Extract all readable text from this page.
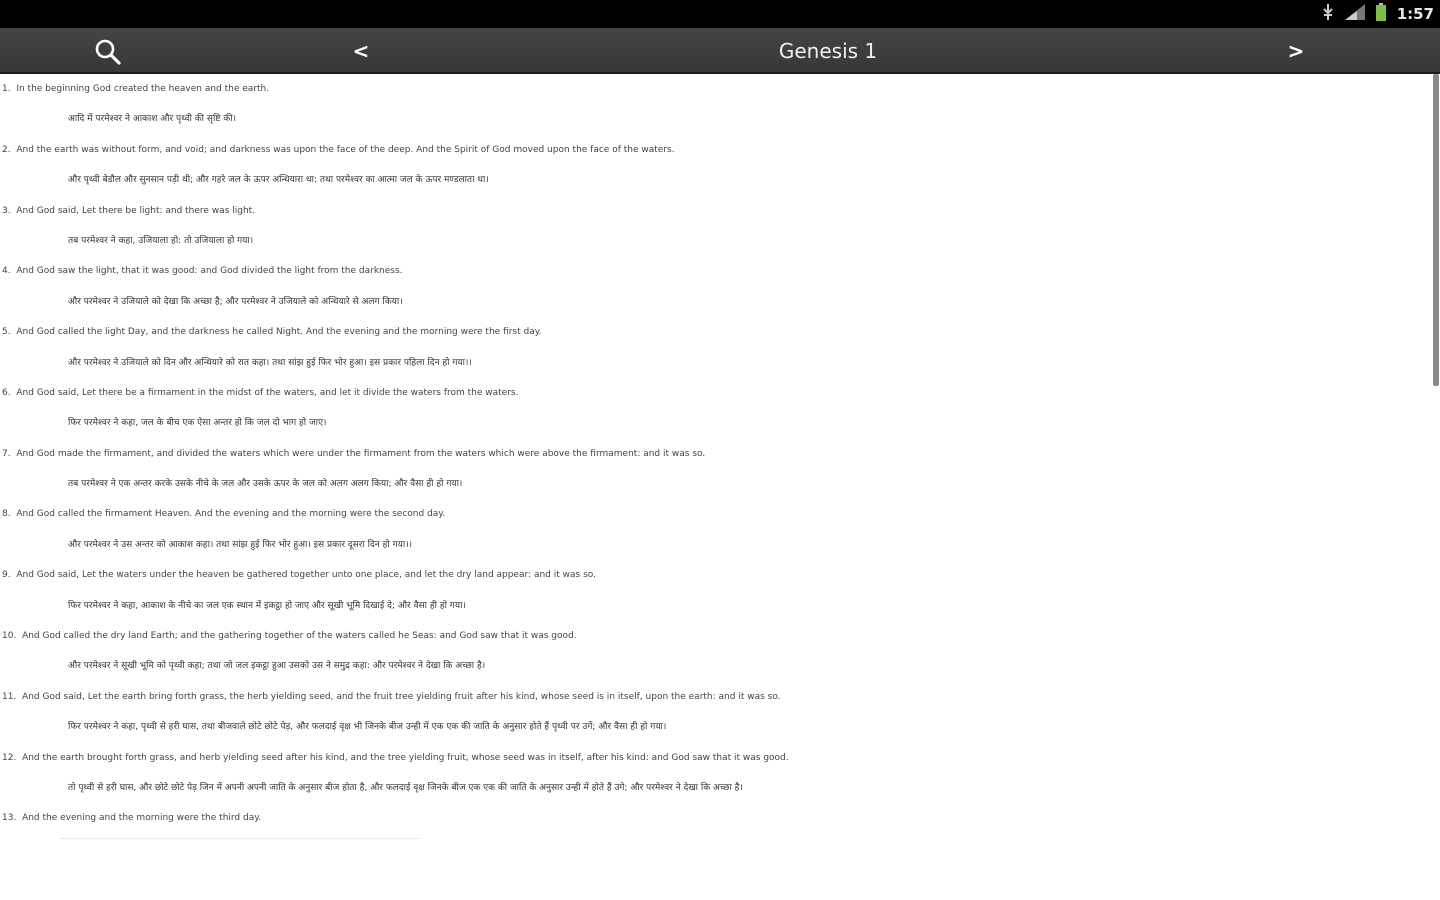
1:57
<	Genesis 1	>
1. In the beginning God created the heaven and the earth.
आदि में परमेश्वर ने आकाश और पृथ्वी की सृष्टि की।
2. And the earth was without form, and void; and darkness was upon the face of the deep. And the Spirit of God moved upon the face of the waters.
और पृथ्वी बेडौल और सुनसान पड़ी थी; और गहरे जल के ऊपर अन्धियारा था: तथा परमेश्वर का आत्मा जल के ऊपर मण्डलाता था।
3. And God said, Let there be light: and there was light.
तब परमेश्वर ने कहा, उजियाला हो: तो उजियाला हो गया।
4. And God saw the light, that it was good: and God divided the light from the darkness.
और परमेश्वर ने उजियाले को देखा कि अच्छा है; और परमेश्वर ने उजियाले को अन्धियारे से अलग किया।
5. And God called the light Day, and the darkness he called Night. And the evening and the morning were the first day.
और परमेश्वर ने उजियाले को दिन और अन्धियारे को रात कहा। तथा सांझ हुई फिर भोर हुआ। इस प्रकार पहिला दिन हो गया।।
6. And God said, Let there be a firmament in the midst of the waters, and let it divide the waters from the waters.
फिर परमेश्वर ने कहा, जल के बीच एक ऐसा अन्तर हो कि जल दो भाग हो जाए।
7. And God made the firmament, and divided the waters which were under the firmament from the waters which were above the firmament: and it was so.
तब परमेश्वर ने एक अन्तर करके उसके नीचे के जल और उसके ऊपर के जल को अलग अलग किया; और वैसा ही हो गया।
8. And God called the firmament Heaven. And the evening and the morning were the second day.
और परमेश्वर ने उस अन्तर को आकाश कहा। तथा सांझ हुई फिर भोर हुआ। इस प्रकार दूसरा दिन हो गया।।
9. And God said, Let the waters under the heaven be gathered together unto one place, and let the dry land appear: and it was so.
फिर परमेश्वर ने कहा, आकाश के नीचे का जल एक स्थान में इकट्ठा हो जाए और सूखी भूमि दिखाई दे; और वैसा ही हो गया।
10. And God called the dry land Earth; and the gathering together of the waters called he Seas: and God saw that it was good.
और परमेश्वर ने सूखी भूमि को पृथ्वी कहा; तथा जो जल इकट्ठा हुआ उसको उस ने समुद्र कहा: और परमेश्वर ने देखा कि अच्छा है।
11. And God said, Let the earth bring forth grass, the herb yielding seed, and the fruit tree yielding fruit after his kind, whose seed is in itself, upon the earth: and it was so.
फिर परमेश्वर ने कहा, पृथ्वी से हरी घास, तथा बीजवाले छोटे छोटे पेड़, और फलदाई वृक्ष भी जिनके बीज उन्ही में एक एक की जाति के अनुसार होते हैं पृथ्वी पर उगें; और वैसा ही हो गया।
12. And the earth brought forth grass, and herb yielding seed after his kind, and the tree yielding fruit, whose seed was in itself, after his kind: and God saw that it was good.
तो पृथ्वी से हरी घास, और छोटे छोटे पेड़ जिन में अपनी अपनी जाति के अनुसार बीज होता है, और फलदाई वृक्ष जिनके बीज एक एक की जाति के अनुसार उन्ही में होते हैं उगे; और परमेश्वर ने देखा कि अच्छा है।
13. And the evening and the morning were the third day.
